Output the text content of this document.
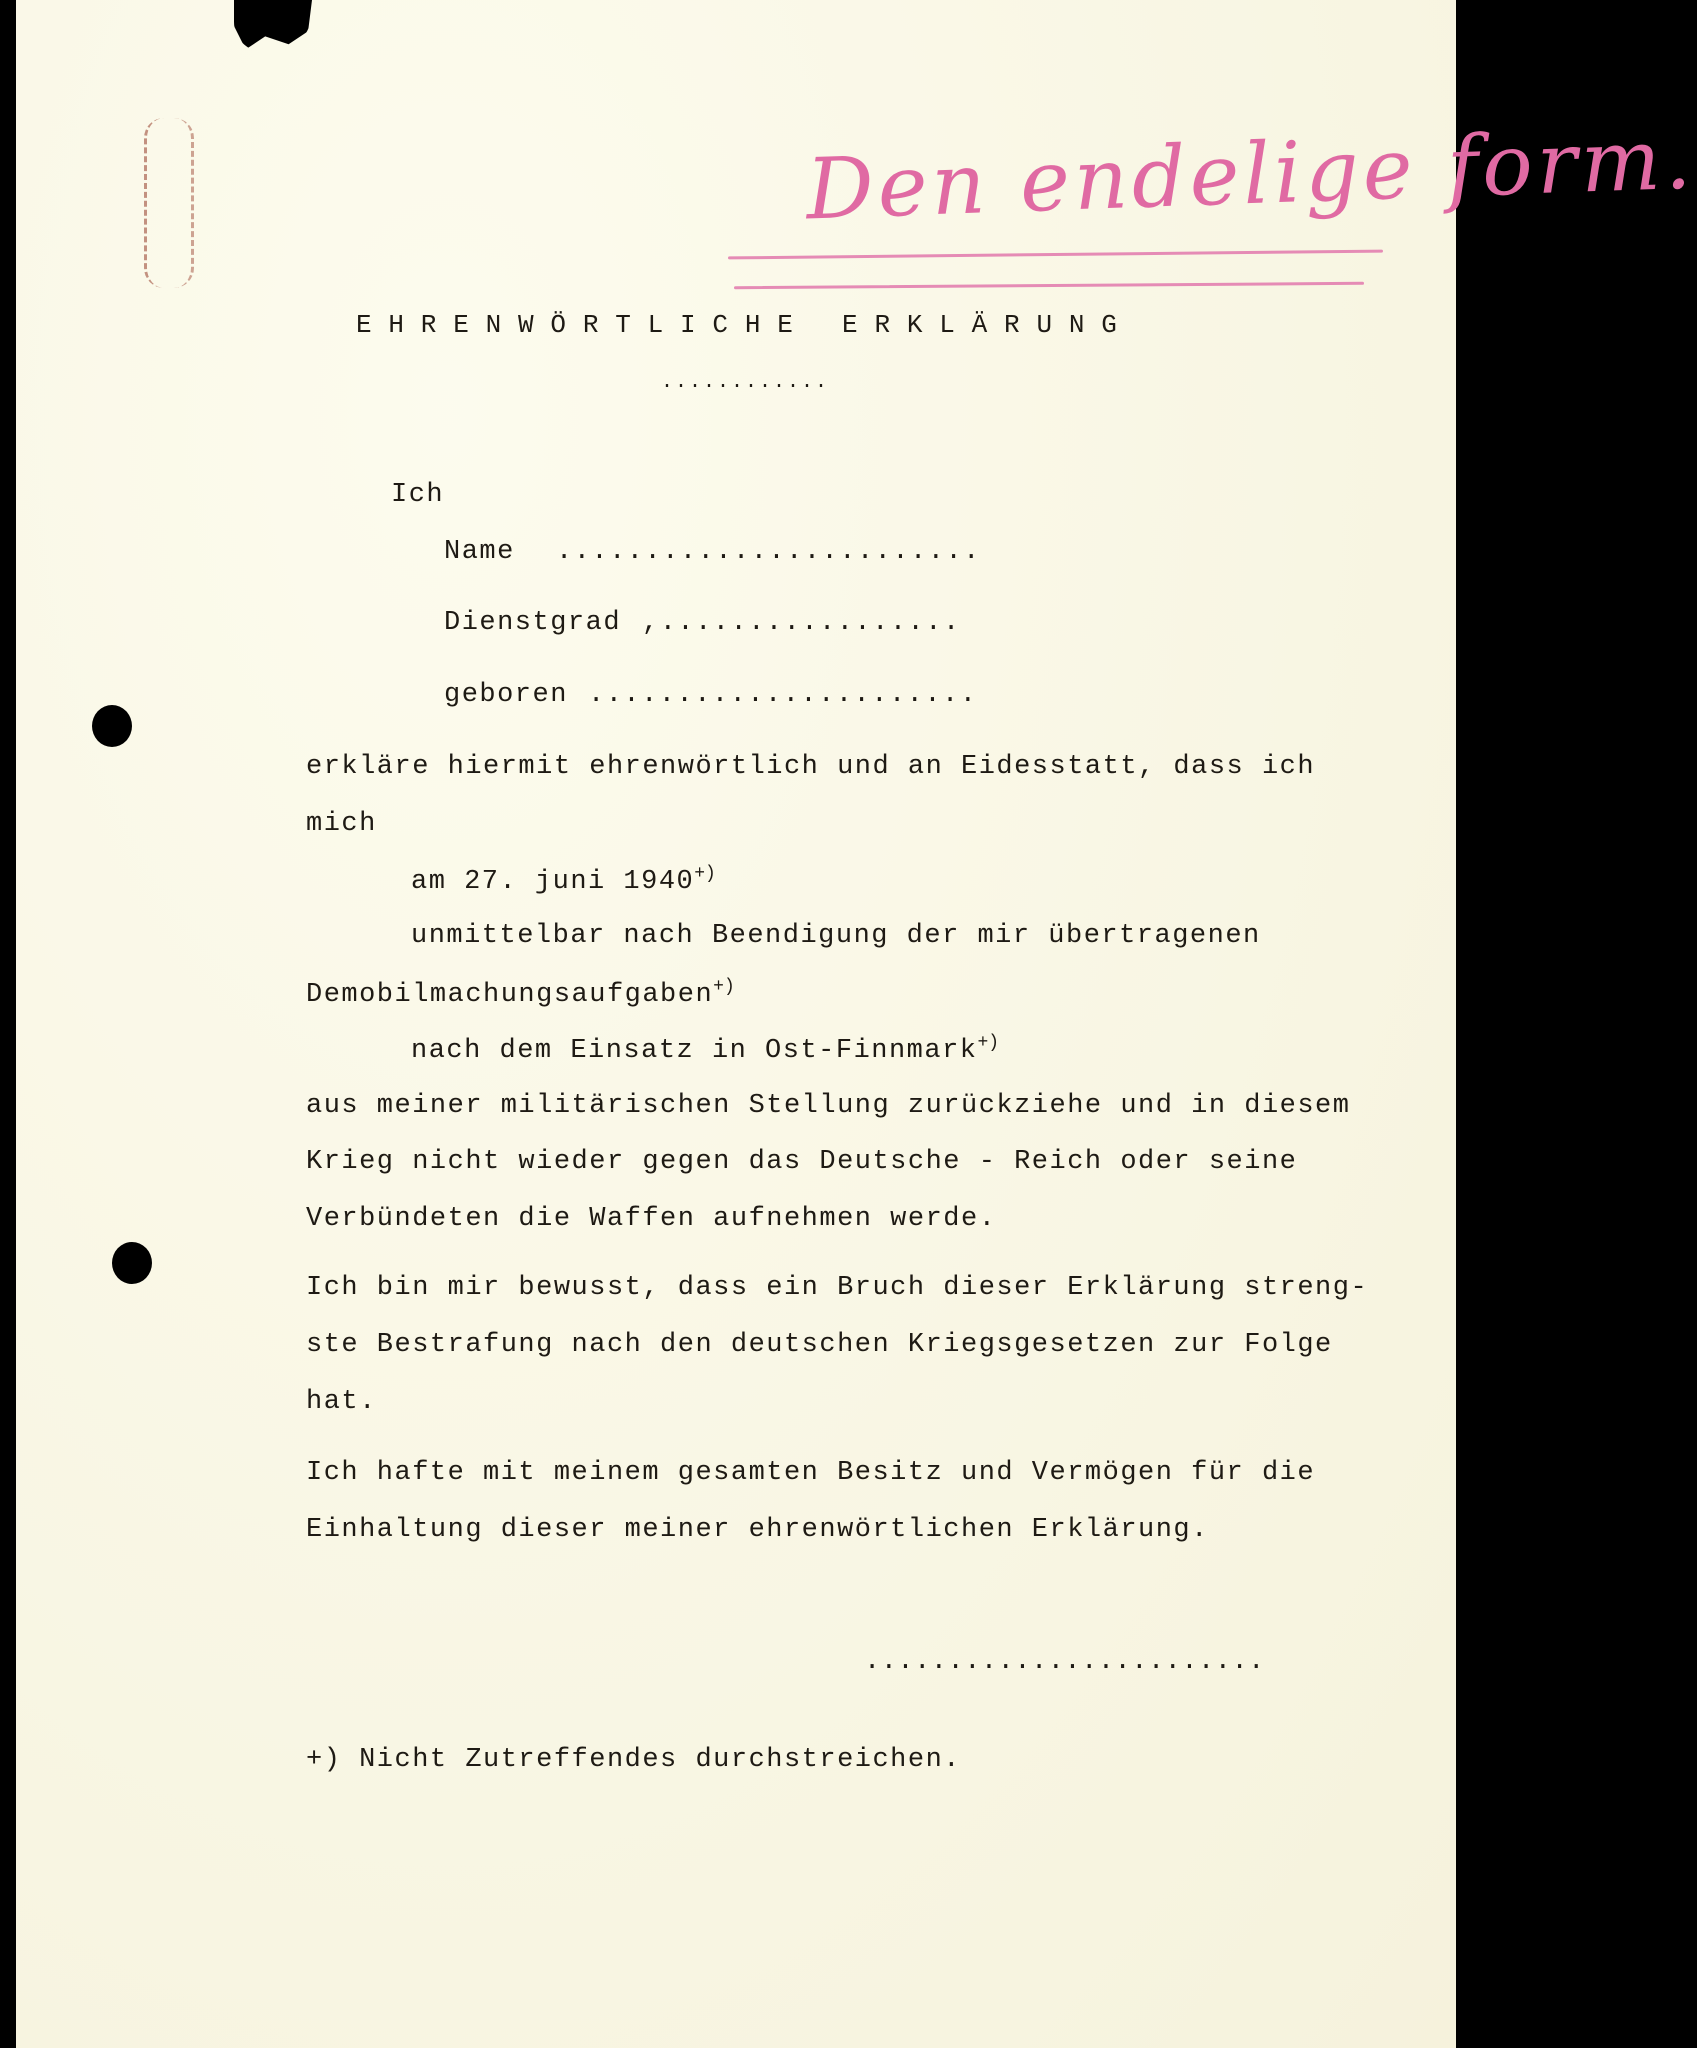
Den endelige form.
EHRENWÖRTLICHE ERKLÄRUNG
............
Ich
Name ........................
Dienstgrad ,.................
geboren ......................
erkläre hiermit ehrenwörtlich und an Eidesstatt, dass ich
mich
am 27. juni 1940+)
unmittelbar nach Beendigung der mir übertragenen
Demobilmachungsaufgaben+)
nach dem Einsatz in Ost-Finnmark+)
aus meiner militärischen Stellung zurückziehe und in diesem
Krieg nicht wieder gegen das Deutsche - Reich oder seine
Verbündeten die Waffen aufnehmen werde.
Ich bin mir bewusst, dass ein Bruch dieser Erklärung streng-
ste Bestrafung nach den deutschen Kriegsgesetzen zur Folge
hat.
Ich hafte mit meinem gesamten Besitz und Vermögen für die
Einhaltung dieser meiner ehrenwörtlichen Erklärung.
........................
+) Nicht Zutreffendes durchstreichen.
